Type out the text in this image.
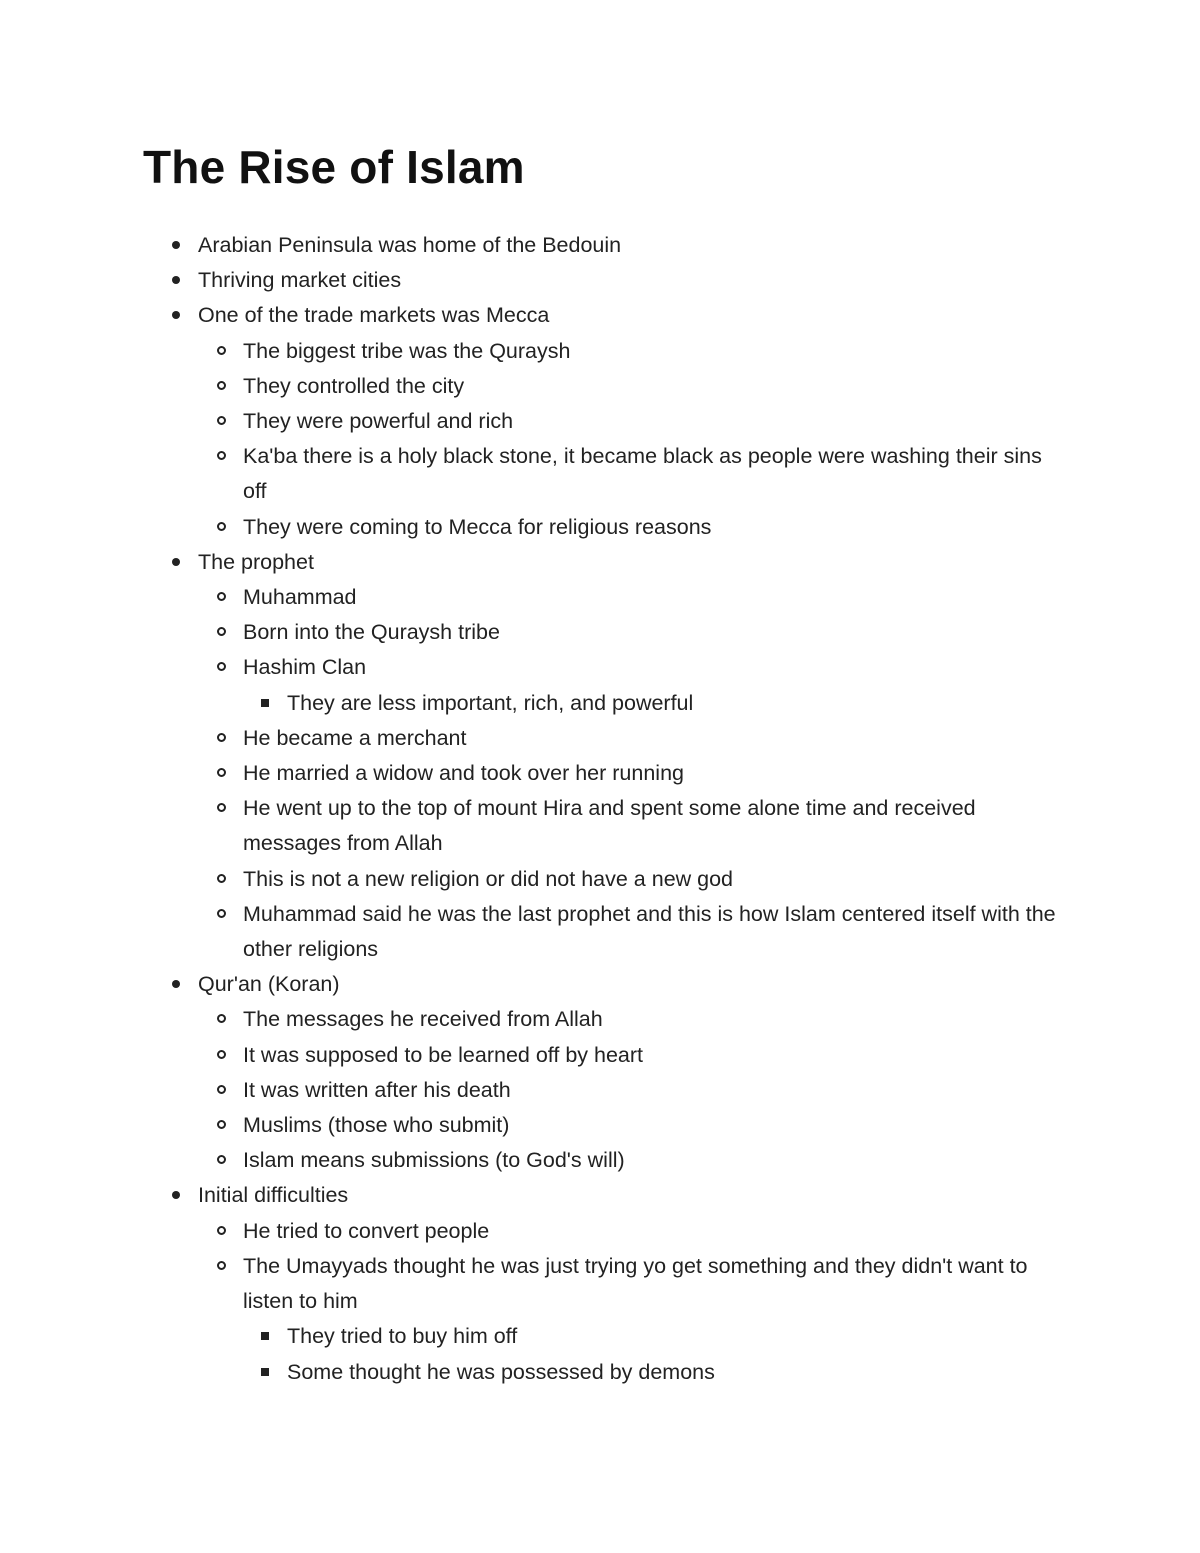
The Rise of Islam
Arabian Peninsula was home of the Bedouin
Thriving market cities
One of the trade markets was Mecca
The biggest tribe was the Quraysh
They controlled the city
They were powerful and rich
Ka'ba there is a holy black stone, it became black as people were washing their sins off
They were coming to Mecca for religious reasons
The prophet
Muhammad
Born into the Quraysh tribe
Hashim Clan
They are less important, rich, and powerful
He became a merchant
He married a widow and took over her running
He went up to the top of mount Hira and spent some alone time and received messages from Allah
This is not a new religion or did not have a new god
Muhammad said he was the last prophet and this is how Islam centered itself with the other religions
Qur'an (Koran)
The messages he received from Allah
It was supposed to be learned off by heart
It was written after his death
Muslims (those who submit)
Islam means submissions (to God's will)
Initial difficulties
He tried to convert people
The Umayyads thought he was just trying yo get something and they didn't want to listen to him
They tried to buy him off
Some thought he was possessed by demons
